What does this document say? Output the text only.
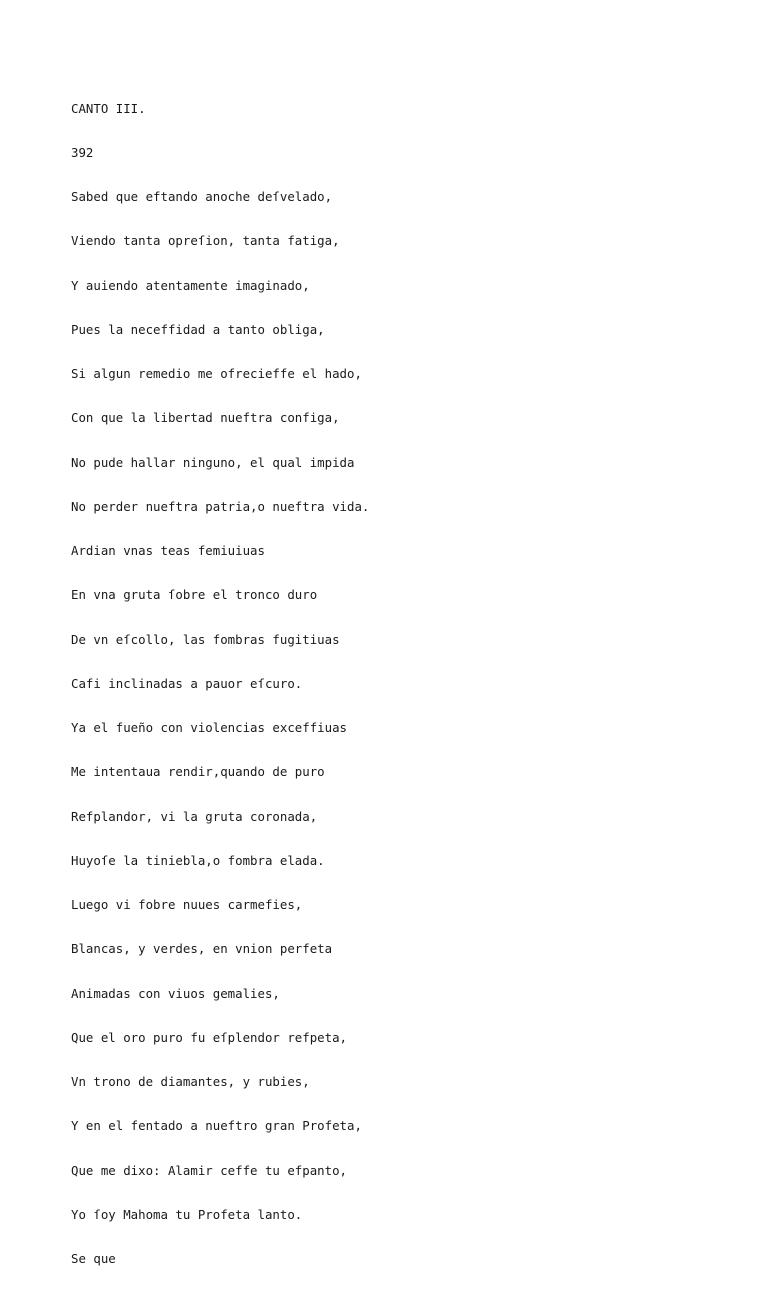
CANTO III.

392

Sabed que eftando anoche deſvelado,

Viendo tanta opreſion, tanta fatiga,

Y auiendo atentamente imaginado,

Pues la neceffidad a tanto obliga,

Si algun remedio me ofrecieffe el hado,

Con que la libertad nueftra configa,

No pude hallar ninguno, el qual impida

No perder nueftra patria,o nueftra vida.

Ardian vnas teas femiuiuas

En vna gruta ſobre el tronco duro

De vn eſcollo, las fombras fugitiuas

Cafi inclinadas a pauor eſcuro.

Ya el fueño con violencias exceffiuas

Me intentaua rendir,quando de puro

Refplandor, vi la gruta coronada,

Huyoſe la tiniebla,o fombra elada.

Luego vi fobre nuues carmefies,

Blancas, y verdes, en vnion perfeta

Animadas con viuos gemalies,

Que el oro puro fu eſplendor refpeta,

Vn trono de diamantes, y rubies,

Y en el fentado a nueftro gran Profeta,

Que me dixo: Alamir ceffe tu efpanto,

Yo ſoy Mahoma tu Profeta lanto.

Se que
